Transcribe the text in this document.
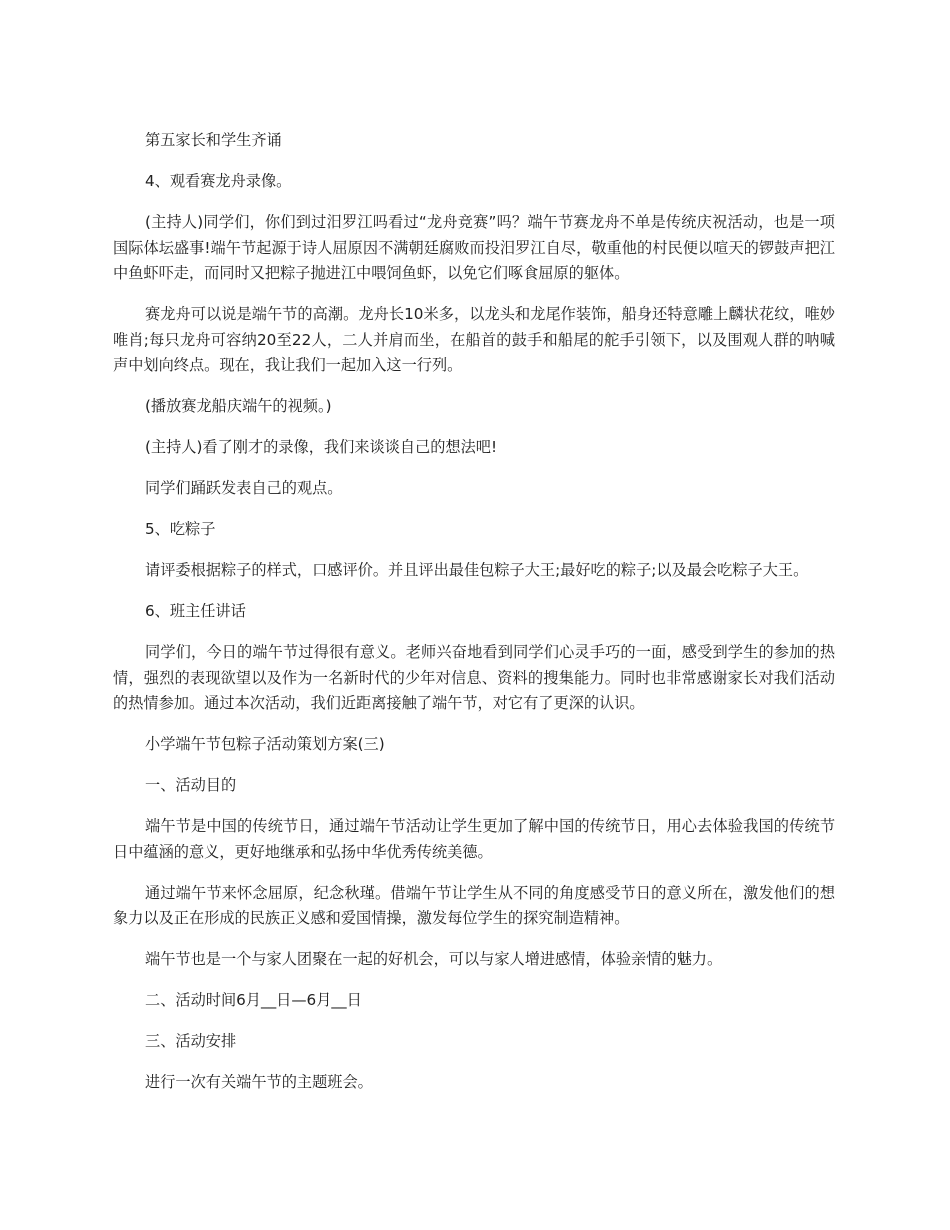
第五家长和学生齐诵

4、观看赛龙舟录像。

(主持人)同学们，你们到过汨罗江吗看过“龙舟竞赛”吗？端午节赛龙舟不单是传统庆祝活动，也是一项国际体坛盛事!端午节起源于诗人屈原因不满朝廷腐败而投汨罗江自尽，敬重他的村民便以喧天的锣鼓声把江中鱼虾吓走，而同时又把粽子抛进江中喂饲鱼虾，以免它们啄食屈原的躯体。

赛龙舟可以说是端午节的高潮。龙舟长10米多，以龙头和龙尾作装饰，船身还特意雕上麟状花纹，唯妙唯肖;每只龙舟可容纳20至22人，二人并肩而坐，在船首的鼓手和船尾的舵手引领下，以及围观人群的呐喊声中划向终点。现在，我让我们一起加入这一行列。

(播放赛龙船庆端午的视频。)

(主持人)看了刚才的录像，我们来谈谈自己的想法吧!

同学们踊跃发表自己的观点。

5、吃粽子

请评委根据粽子的样式，口感评价。并且评出最佳包粽子大王;最好吃的粽子;以及最会吃粽子大王。

6、班主任讲话

同学们，今日的端午节过得很有意义。老师兴奋地看到同学们心灵手巧的一面，感受到学生的参加的热情，强烈的表现欲望以及作为一名新时代的少年对信息、资料的搜集能力。同时也非常感谢家长对我们活动的热情参加。通过本次活动，我们近距离接触了端午节，对它有了更深的认识。

小学端午节包粽子活动策划方案(三)

一、活动目的

端午节是中国的传统节日，通过端午节活动让学生更加了解中国的传统节日，用心去体验我国的传统节日中蕴涵的意义，更好地继承和弘扬中华优秀传统美德。

通过端午节来怀念屈原，纪念秋瑾。借端午节让学生从不同的角度感受节日的意义所在，激发他们的想象力以及正在形成的民族正义感和爱国情操，激发每位学生的探究制造精神。

端午节也是一个与家人团聚在一起的好机会，可以与家人增进感情，体验亲情的魅力。

二、活动时间6月__日—6月__日

三、活动安排

进行一次有关端午节的主题班会。
